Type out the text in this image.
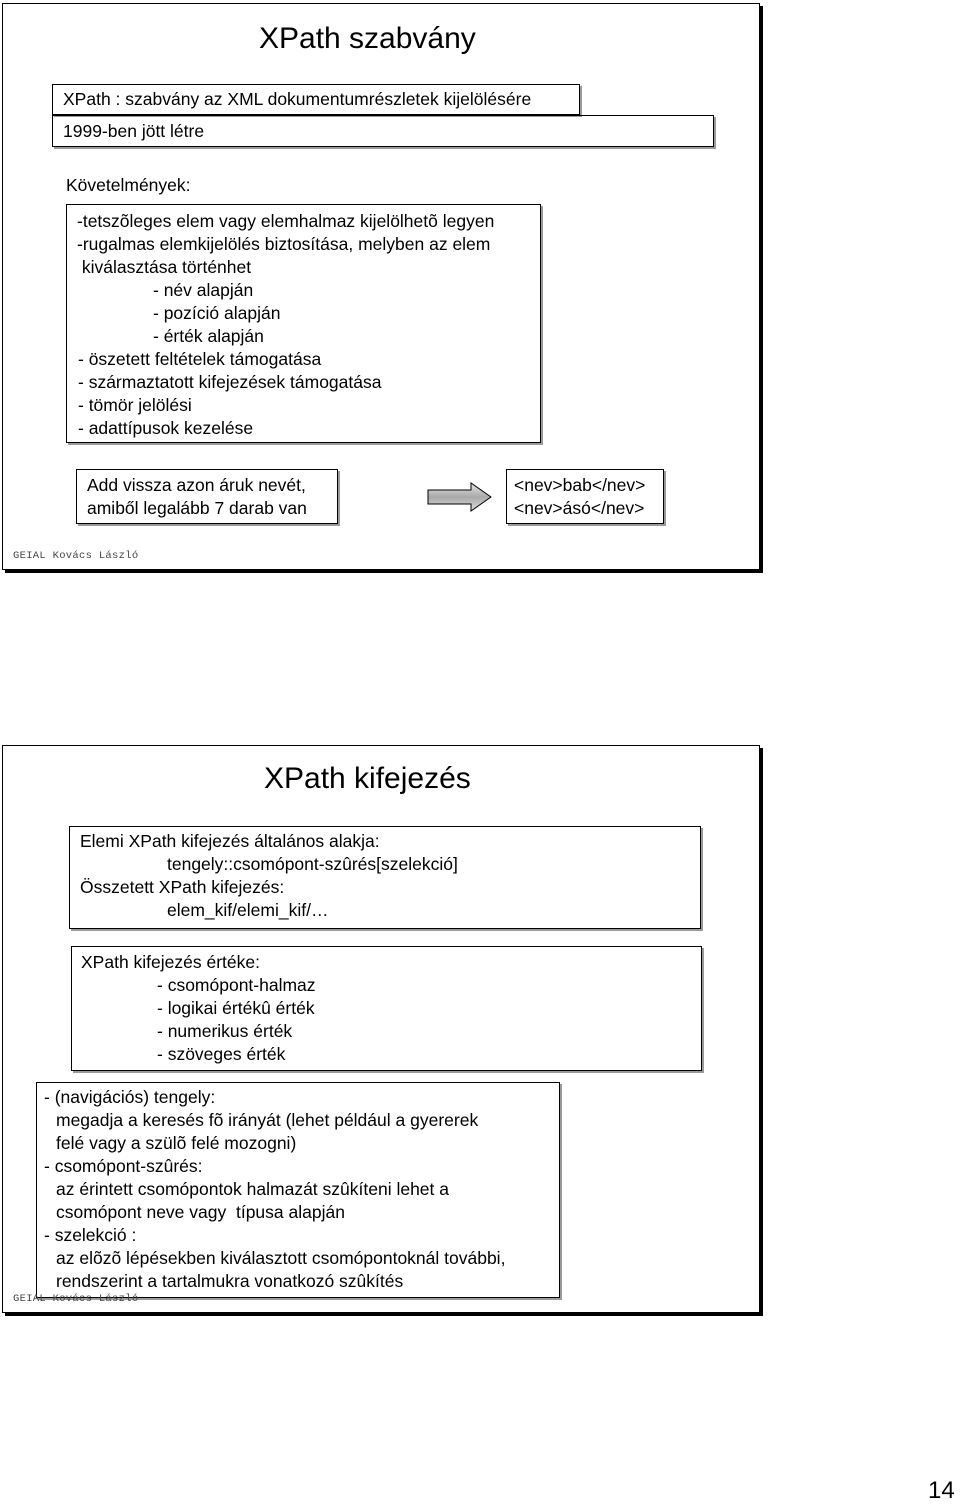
XPath szabvány
XPath : szabvány az XML dokumentumrészletek kijelölésére
1999-ben jött létre
Követelmények:
-tetszõleges elem vagy elemhalmaz kijelölhetõ legyen
-rugalmas elemkijelölés biztosítása, melyben az elem
kiválasztása történhet
- név alapján
- pozíció alapján
- érték alapján
- öszetett feltételek támogatása
- származtatott kifejezések támogatása
- tömör jelölési
- adattípusok kezelése
Add vissza azon áruk nevét,
amiből legalább 7 darab van
<nev>bab</nev>
<nev>ásó</nev>
GEIAL Kovács László
XPath kifejezés
Elemi XPath kifejezés általános alakja:
tengely::csomópont-szûrés[szelekció]
Összetett XPath kifejezés:
elem_kif/elemi_kif/…
XPath kifejezés értéke:
- csomópont-halmaz
- logikai értékû érték
- numerikus érték
- szöveges érték
- (navigációs) tengely:
megadja a keresés fõ irányát (lehet például a gyererek
felé vagy a szülõ felé mozogni)
- csomópont-szûrés:
az érintett csomópontok halmazát szûkíteni lehet a
csomópont neve vagy  típusa alapján
- szelekció :
az elõzõ lépésekben kiválasztott csomópontoknál további,
rendszerint a tartalmukra vonatkozó szûkítés
GEIAL Kovács László
14
